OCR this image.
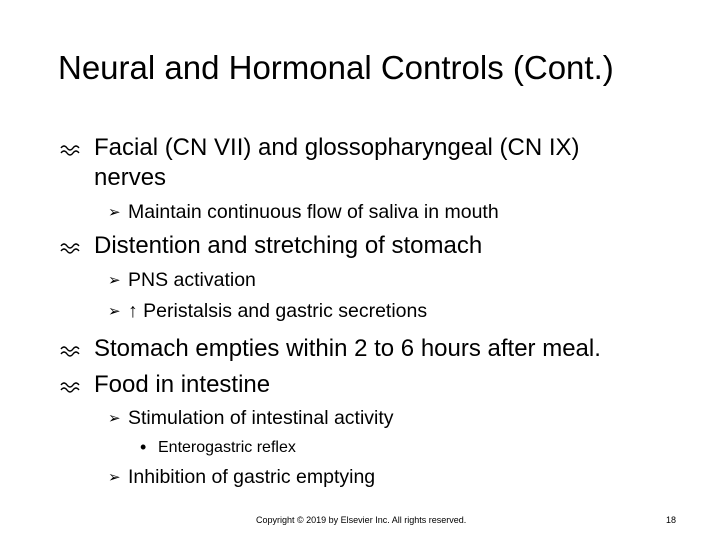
Neural and Hormonal Controls (Cont.)
Facial (CN VII) and glossopharyngeal (CN IX)
nerves
➢ Maintain continuous flow of saliva in mouth
Distention and stretching of stomach
➢ PNS activation
➢ ↑ Peristalsis and gastric secretions
Stomach empties within 2 to 6 hours after meal.
Food in intestine
➢ Stimulation of intestinal activity
• Enterogastric reflex
➢ Inhibition of gastric emptying
Copyright © 2019 by Elsevier Inc. All rights reserved.	18
